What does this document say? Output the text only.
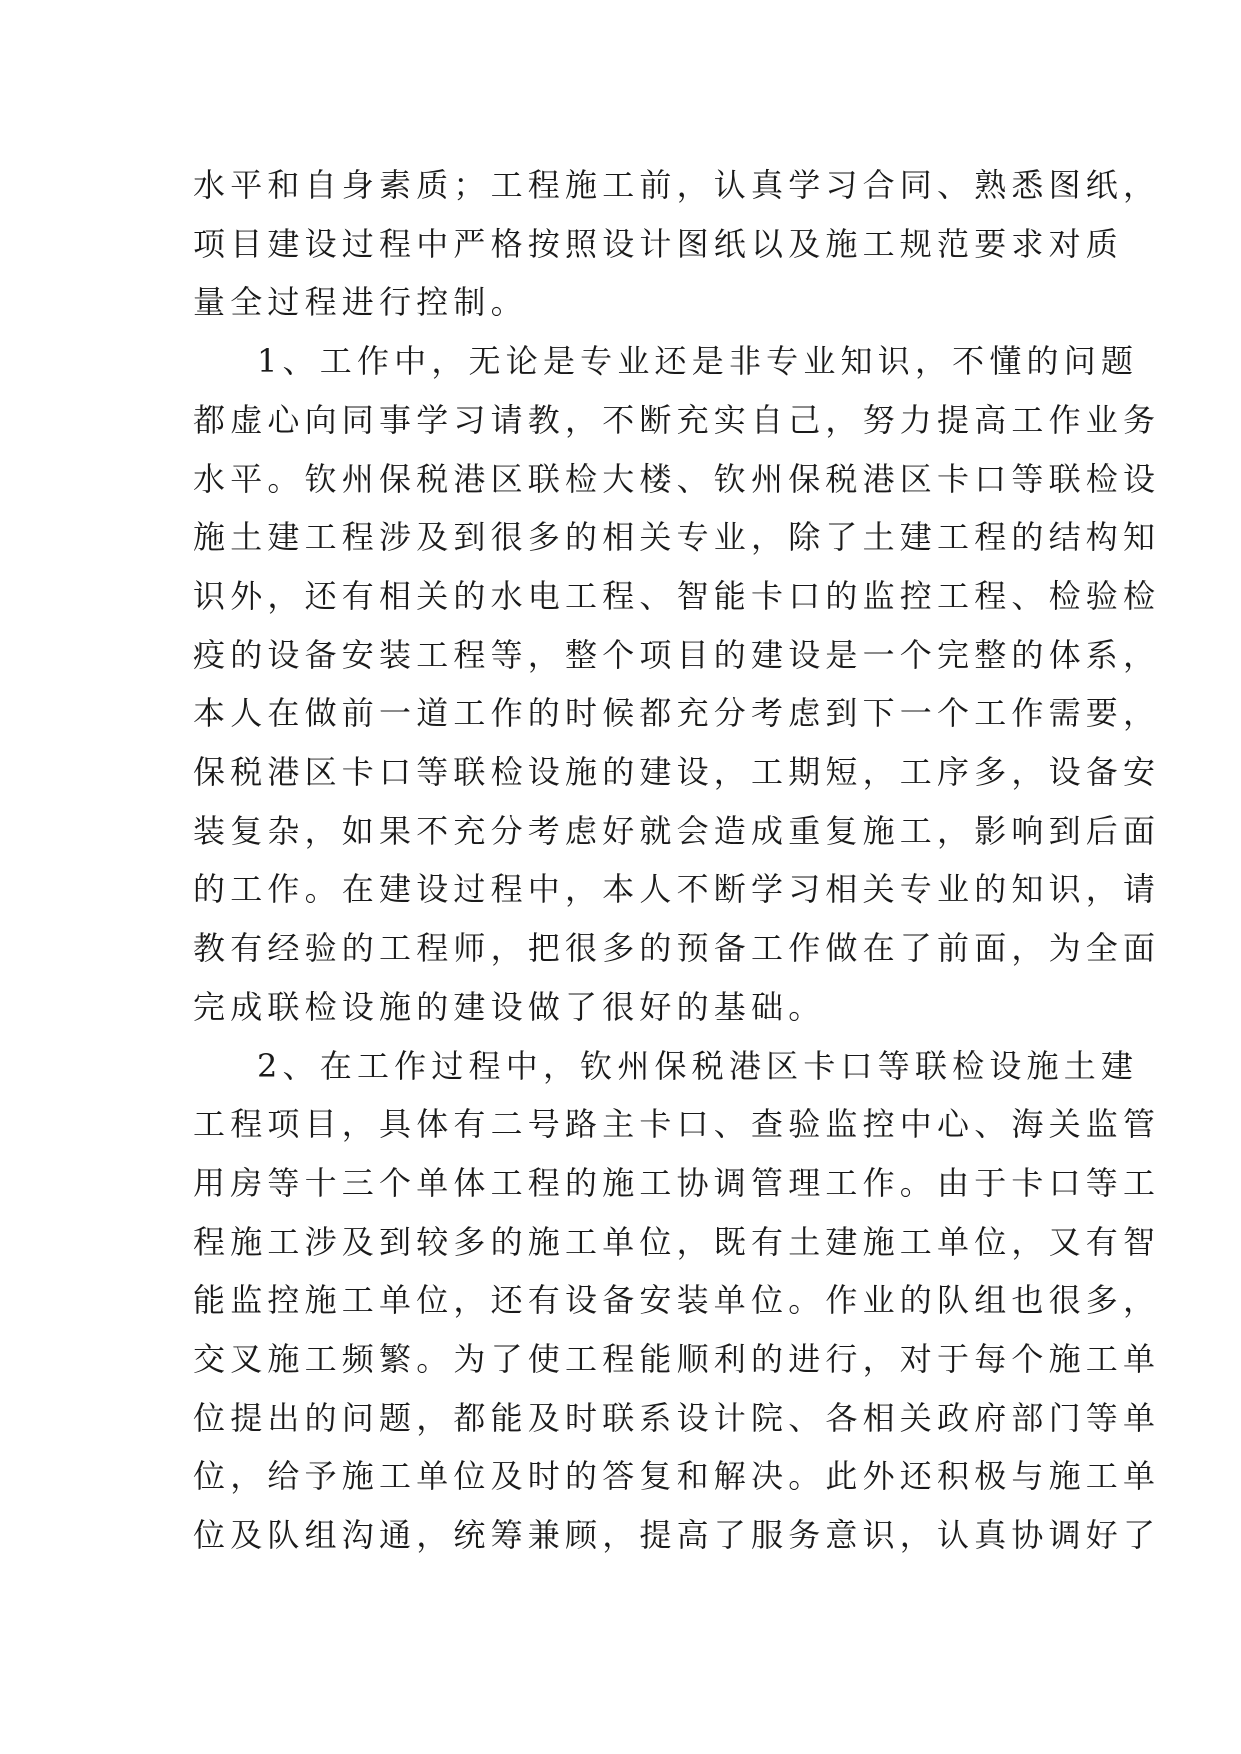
水平和自身素质；工程施工前，认真学习合同、熟悉图纸，
项目建设过程中严格按照设计图纸以及施工规范要求对质
量全过程进行控制。
1、工作中，无论是专业还是非专业知识，不懂的问题
都虚心向同事学习请教，不断充实自己，努力提高工作业务
水平。钦州保税港区联检大楼、钦州保税港区卡口等联检设
施土建工程涉及到很多的相关专业，除了土建工程的结构知
识外，还有相关的水电工程、智能卡口的监控工程、检验检
疫的设备安装工程等，整个项目的建设是一个完整的体系，
本人在做前一道工作的时候都充分考虑到下一个工作需要，
保税港区卡口等联检设施的建设，工期短，工序多，设备安
装复杂，如果不充分考虑好就会造成重复施工，影响到后面
的工作。在建设过程中，本人不断学习相关专业的知识，请
教有经验的工程师，把很多的预备工作做在了前面，为全面
完成联检设施的建设做了很好的基础。
2、在工作过程中，钦州保税港区卡口等联检设施土建
工程项目，具体有二号路主卡口、查验监控中心、海关监管
用房等十三个单体工程的施工协调管理工作。由于卡口等工
程施工涉及到较多的施工单位，既有土建施工单位，又有智
能监控施工单位，还有设备安装单位。作业的队组也很多，
交叉施工频繁。为了使工程能顺利的进行，对于每个施工单
位提出的问题，都能及时联系设计院、各相关政府部门等单
位，给予施工单位及时的答复和解决。此外还积极与施工单
位及队组沟通，统筹兼顾，提高了服务意识，认真协调好了
